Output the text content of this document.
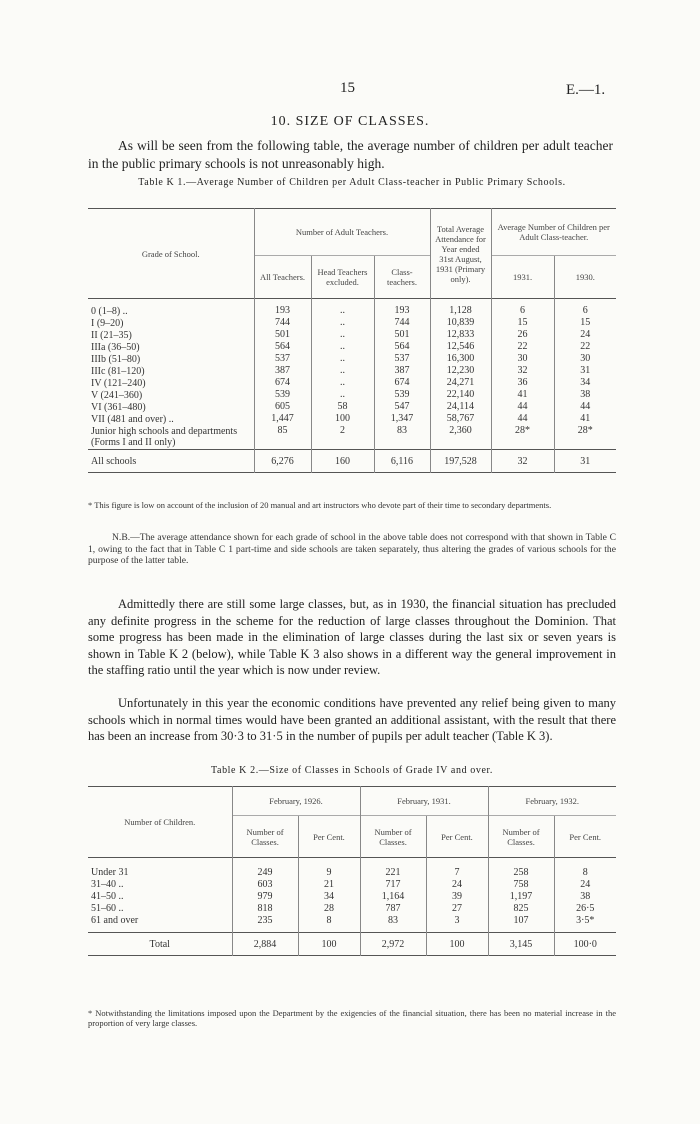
15	E.—1.
10. SIZE OF CLASSES.
As will be seen from the following table, the average number of children per adult teacher in the public primary schools is not unreasonably high.
Table K 1.—Average Number of Children per Adult Class-teacher in Public Primary Schools.
Grade of School.	Number of Adult Teachers.			Total Average Attendance for Year ended 31st August, 1931 (Primary only).	Average Number of Children per Adult Class-teacher.	
	All Teachers.	Head Teachers excluded.	Class-teachers.		1931.	1930.
0 (1–8) ..	193	..	193	1,128	6	6
I (9–20)	744	..	744	10,839	15	15
II (21–35)	501	..	501	12,833	26	24
IIIa (36–50)	564	..	564	12,546	22	22
IIIb (51–80)	537	..	537	16,300	30	30
IIIc (81–120)	387	..	387	12,230	32	31
IV (121–240)	674	..	674	24,271	36	34
V (241–360)	539	..	539	22,140	41	38
VI (361–480)	605	58	547	24,114	44	44
VII (481 and over) ..	1,447	100	1,347	58,767	44	41
Junior high schools and departments (Forms I and II only)	85	2	83	2,360	28*	28*
All schools	6,276	160	6,116	197,528	32	31
* This figure is low on account of the inclusion of 20 manual and art instructors who devote part of their time to secondary departments.
N.B.—The average attendance shown for each grade of school in the above table does not correspond with that shown in Table C 1, owing to the fact that in Table C 1 part-time and side schools are taken separately, thus altering the grades of various schools for the purpose of the latter table.
Admittedly there are still some large classes, but, as in 1930, the financial situation has precluded any definite progress in the scheme for the reduction of large classes throughout the Dominion. That some progress has been made in the elimination of large classes during the last six or seven years is shown in Table K 2 (below), while Table K 3 also shows in a different way the general improvement in the staffing ratio until the year which is now under review.
Unfortunately in this year the economic conditions have prevented any relief being given to many schools which in normal times would have been granted an additional assistant, with the result that there has been an increase from 30·3 to 31·5 in the number of pupils per adult teacher (Table K 3).
Table K 2.—Size of Classes in Schools of Grade IV and over.
Number of Children.	February, 1926.		February, 1931.		February, 1932.	
	Number of Classes.	Per Cent.	Number of Classes.	Per Cent.	Number of Classes.	Per Cent.
Under 31	249	9	221	7	258	8
31–40 ..	603	21	717	24	758	24
41–50 ..	979	34	1,164	39	1,197	38
51–60 ..	818	28	787	27	825	26·5
61 and over	235	8	83	3	107	3·5*
Total	2,884	100	2,972	100	3,145	100·0
* Notwithstanding the limitations imposed upon the Department by the exigencies of the financial situation, there has been no material increase in the proportion of very large classes.
